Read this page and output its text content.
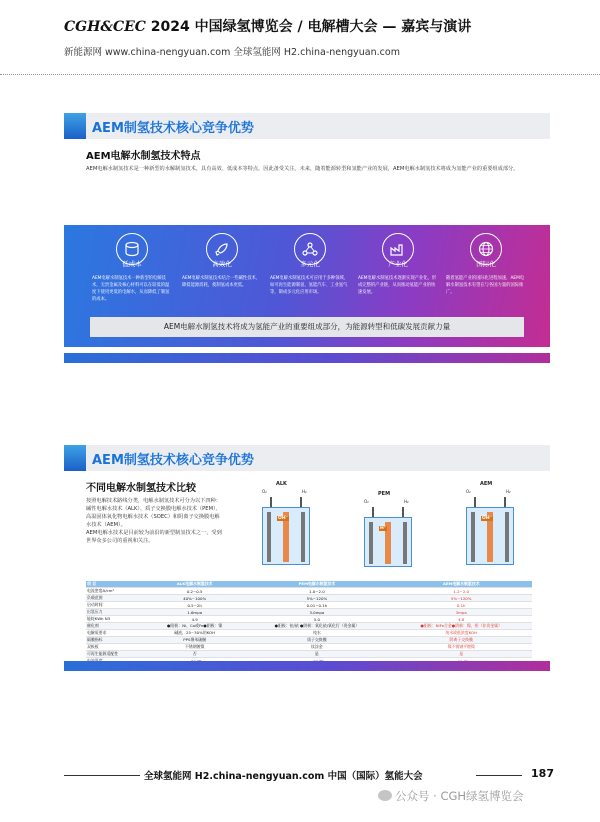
CGH&CEC 2024 中国绿氢博览会 / 电解槽大会 — 嘉宾与演讲
新能源网 www.china-nengyuan.com 全球氢能网 H2.china-nengyuan.com
AEM制氢技术核心竞争优势
AEM电解水制氢技术特点
AEM电解水制氢技术是一种新型的水解制氢技术，具有高效、低成本等特点，因此备受关注。未来，随着能源转型和氢能产业的发展，AEM电解水制氢技术将成为氢能产业的重要组成部分。
低成本
AEM电解水制氢技术一种新型的电解技术，无贵金属及核心材料可以在较低的温度下使用更低的电解水，从而降低了制氢的成本。
高效化
AEM电解水制氢技术结合一些碱性技术，降低能源消耗，使制氢成本更低。
多元化
AEM电解水制氢技术可应用于多种领域，如可再生能源制氢、氢能汽车、工业氢气等，制成多元化应用市场。
产业化
AEM电解水制氢技术逐渐实现产业化，形成完整的产业链，从而推动氢能产业的快速发展。
国际化
随着氢能产业的国际化进程加速，AEM电解水制氢技术有望在与各国力量的国际推广。
AEM电解水制氢技术将成为氢能产业的重要组成部分，为能源转型和低碳发展贡献力量
AEM制氢技术核心竞争优势
不同电解水制氢技术比较
按照电解技术路线分类，电解水制氢技术可分为以下四种：碱性电解水技术（ALK）、质子交换膜电解水技术（PEM）、高温固体氧化物电解水技术（SOEC）和阴离子交换膜电解水技术（AEM）。
AEM电解水技术是目前较为前沿的新型制氢技术之一，受到世界众多公司的重视和关注。
ALK
PEM
AEM
O₂	H₂
OH⁻
O₂	H₂
H⁺
O₂	H₂
OH⁻
项 目	ALK电解水制氢技术	PEM电解水制氢技术	AEM电解水制氢技术
电流密度A/cm²	0.2~0.5	1.0~2.0	1.2~2.0
负载范围	40%~100%	5%~120%	5%~120%
启动时间	0.5~2h	0.01~0.1h	0.1h
出氢压力	1.6mpa	3.0mpa	3mpa
能耗KWh N3	4.9	5.0	4.8
催化剂	●阳极：Ni、Co或Fe●阴极：镍	●阳极：铂/铱 ●阴极：氧化铱/氧化钌（贵金属）	●阳极：NiFe合金●阴极：镍、钼（非贵金属）
电解质要求	碱液，25~30%的KOH	纯水	纯水或低浓度KOH
隔膜指标	PPS聚苯硫醚	质子交换膜	阴离子交换膜
双极板	不锈钢镀镍	钛涂金	镍不锈钢平镀镍
可再生能源适配性	否	是	是

全球氢能网 H2.china-nengyuan.com 中国（国际）氢能大会	187
公众号 · CGH绿氢博览会
